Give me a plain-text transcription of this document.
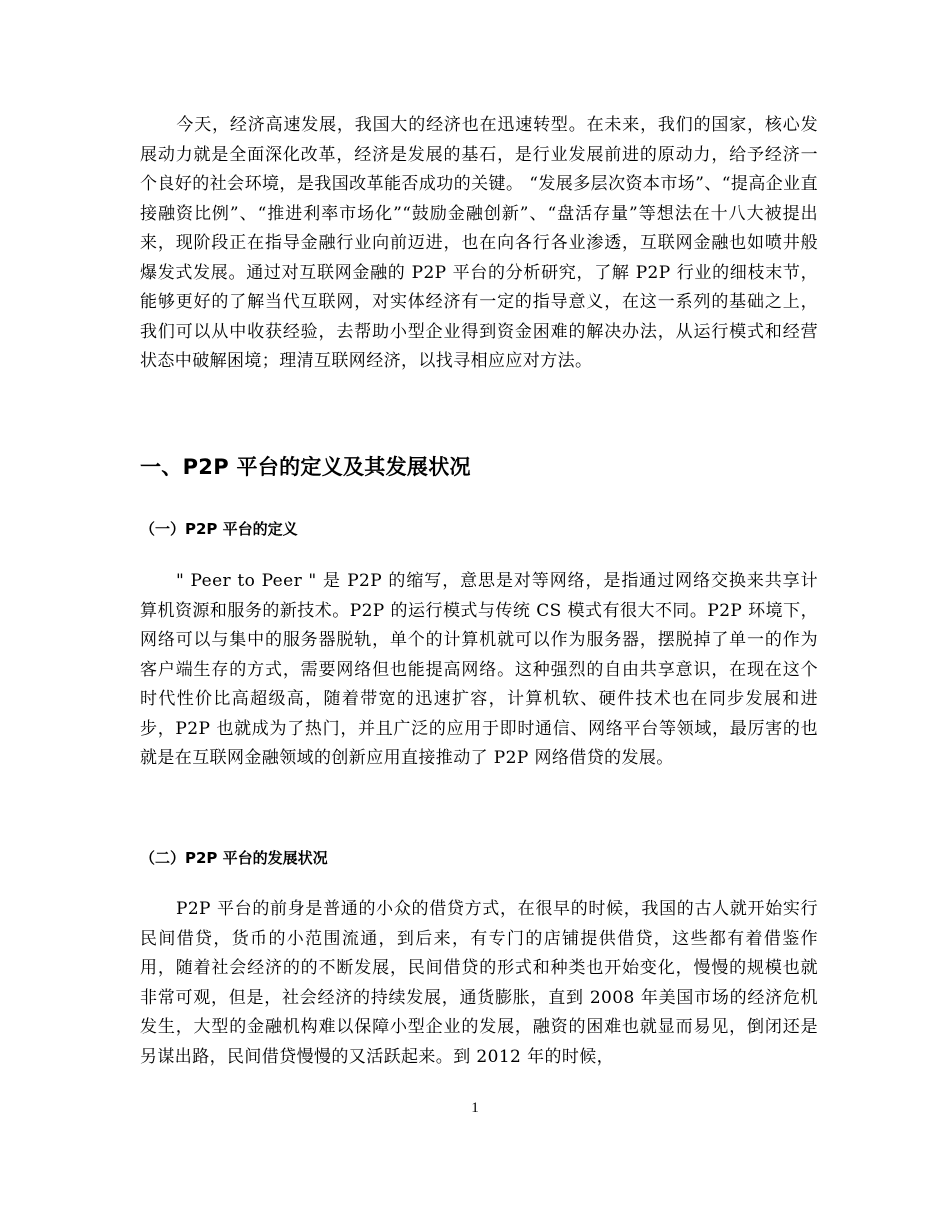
今天，经济高速发展，我国大的经济也在迅速转型。在未来，我们的国家，核心发展动力就是全面深化改革，经济是发展的基石，是行业发展前进的原动力，给予经济一个良好的社会环境，是我国改革能否成功的关键。 “发展多层次资本市场”、“提高企业直接融资比例”、“推进利率市场化”“鼓励金融创新”、“盘活存量”等想法在十八大被提出来，现阶段正在指导金融行业向前迈进，也在向各行各业渗透，互联网金融也如喷井般爆发式发展。通过对互联网金融的 P2P 平台的分析研究，了解 P2P 行业的细枝末节，能够更好的了解当代互联网，对实体经济有一定的指导意义，在这一系列的基础之上，我们可以从中收获经验，去帮助小型企业得到资金困难的解决办法，从运行模式和经营状态中破解困境；理清互联网经济，以找寻相应应对方法。

一、P2P 平台的定义及其发展状况
（一）P2P 平台的定义

" Peer to Peer " 是 P2P 的缩写，意思是对等网络，是指通过网络交换来共享计算机资源和服务的新技术。P2P 的运行模式与传统 CS 模式有很大不同。P2P 环境下，网络可以与集中的服务器脱轨，单个的计算机就可以作为服务器，摆脱掉了单一的作为客户端生存的方式，需要网络但也能提高网络。这种强烈的自由共享意识，在现在这个时代性价比高超级高，随着带宽的迅速扩容，计算机软、硬件技术也在同步发展和进步，P2P 也就成为了热门，并且广泛的应用于即时通信、网络平台等领域，最厉害的也就是在互联网金融领域的创新应用直接推动了 P2P 网络借贷的发展。

（二）P2P 平台的发展状况

P2P 平台的前身是普通的小众的借贷方式，在很早的时候，我国的古人就开始实行民间借贷，货币的小范围流通，到后来，有专门的店铺提供借贷，这些都有着借鉴作用，随着社会经济的的不断发展，民间借贷的形式和种类也开始变化，慢慢的规模也就非常可观，但是，社会经济的持续发展，通货膨胀，直到 2008 年美国市场的经济危机发生，大型的金融机构难以保障小型企业的发展，融资的困难也就显而易见，倒闭还是另谋出路，民间借贷慢慢的又活跃起来。到 2012 年的时候，

1
